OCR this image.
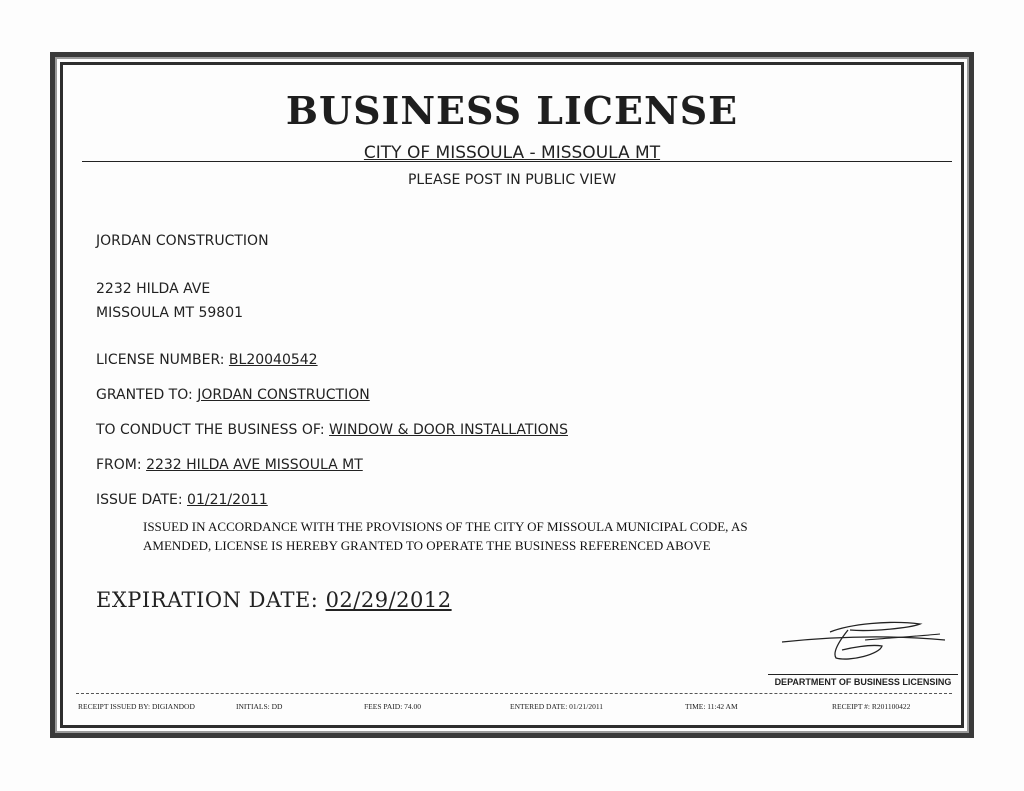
BUSINESS LICENSE
CITY OF MISSOULA - MISSOULA MT
PLEASE POST IN PUBLIC VIEW
JORDAN CONSTRUCTION
2232 HILDA AVE
MISSOULA MT 59801
LICENSE NUMBER: BL20040542
GRANTED TO: JORDAN CONSTRUCTION
TO CONDUCT THE BUSINESS OF: WINDOW & DOOR INSTALLATIONS
FROM: 2232 HILDA AVE MISSOULA MT
ISSUE DATE: 01/21/2011
ISSUED IN ACCORDANCE WITH THE PROVISIONS OF THE CITY OF MISSOULA MUNICIPAL CODE, AS
AMENDED, LICENSE IS HEREBY GRANTED TO OPERATE THE BUSINESS REFERENCED ABOVE
EXPIRATION DATE: 02/29/2012
DEPARTMENT OF BUSINESS LICENSING
RECEIPT ISSUED BY: DIGIANDOD	INITIALS: DD	FEES PAID: 74.00	ENTERED DATE: 01/21/2011	TIME: 11:42 AM	RECEIPT #: R201100422
